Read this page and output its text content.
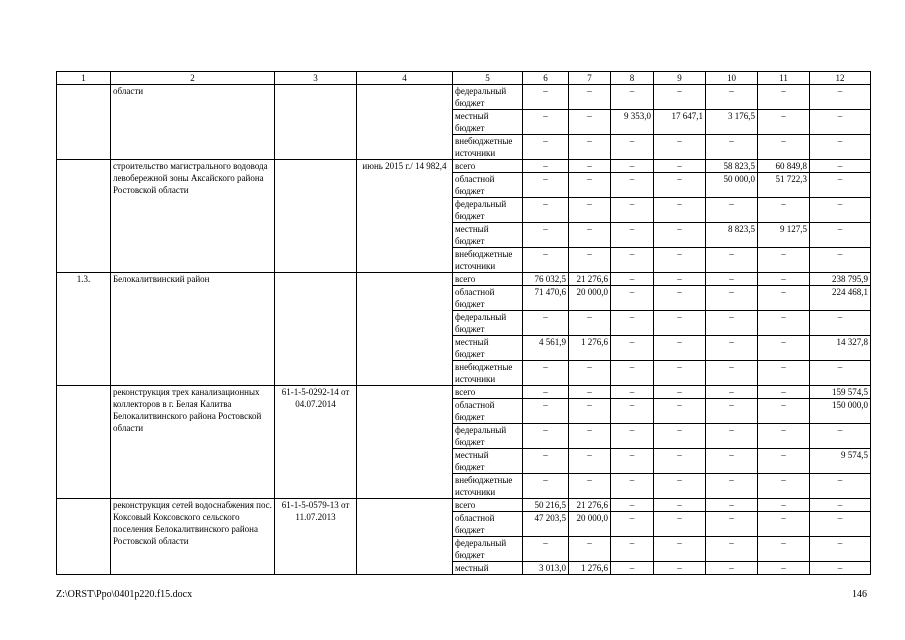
1	2	3	4	5	6	7	8	9	10	11	12
	области			федеральный бюджет	–	–	–	–	–	–	–
				местный бюджет	–	–	9 353,0	17 647,1	3 176,5	–	–
				внебюджетные источники	–	–	–	–	–	–	–
	строительство магистрального водовода левобережной зоны Аксайского района Ростовской области		июнь 2015 г./ 14 982,4	всего	–	–	–	–	58 823,5	60 849,8	–
				областной бюджет	–	–	–	–	50 000,0	51 722,3	–
				федеральный бюджет	–	–	–	–	–	–	–
				местный бюджет	–	–	–	–	8 823,5	9 127,5	–
				внебюджетные источники	–	–	–	–	–	–	–
1.3.	Белокалитвинский район			всего	76 032,5	21 276,6	–	–	–	–	238 795,9
				областной бюджет	71 470,6	20 000,0	–	–	–	–	224 468,1
				федеральный бюджет	–	–	–	–	–	–	–
				местный бюджет	4 561,9	1 276,6	–	–	–	–	14 327,8
				внебюджетные источники	–	–	–	–	–	–	–
	реконструкция трех канализационных коллекторов в г. Белая Калитва Белокалитвинского района Ростовской области	61-1-5-0292-14 от 04.07.2014		всего	–	–	–	–	–	–	159 574,5
				областной бюджет	–	–	–	–	–	–	150 000,0
				федеральный бюджет	–	–	–	–	–	–	–
				местный бюджет	–	–	–	–	–	–	9 574,5
				внебюджетные источники	–	–	–	–	–	–	–
	реконструкция сетей водоснабжения пос. Коксовый Коксовского сельского поселения Белокалитвинского района Ростовской области	61-1-5-0579-13 от 11.07.2013		всего	50 216,5	21 276,6	–	–	–	–	–
				областной бюджет	47 203,5	20 000,0	–	–	–	–	–
				федеральный бюджет	–	–	–	–	–	–	–
				местный	3 013,0	1 276,6	–	–	–	–	–
Z:\ORST\Ppo\0401p220.f15.docx	146
